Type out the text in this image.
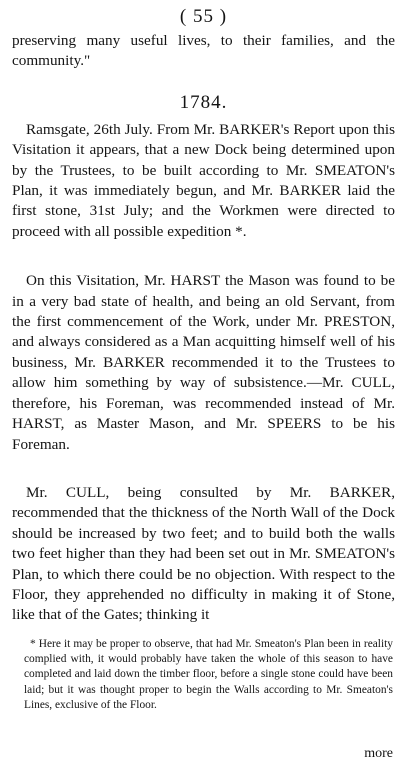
( 55 )

preserving many useful lives, to their families, and the community."

1784.

Ramsgate, 26th July. From Mr. BARKER's Report upon this Visitation it appears, that a new Dock being determined upon by the Trustees, to be built according to Mr. SMEATON's Plan, it was immediately begun, and Mr. BARKER laid the first stone, 31st July; and the Workmen were directed to proceed with all possible expedition *.

On this Visitation, Mr. HARST the Mason was found to be in a very bad state of health, and being an old Servant, from the first commencement of the Work, under Mr. PRESTON, and always considered as a Man acquitting himself well of his business, Mr. BARKER recommended it to the Trustees to allow him something by way of subsistence.—Mr. CULL, therefore, his Foreman, was recommended instead of Mr. HARST, as Master Mason, and Mr. SPEERS to be his Foreman.

Mr. CULL, being consulted by Mr. BARKER, recommended that the thickness of the North Wall of the Dock should be increased by two feet; and to build both the walls two feet higher than they had been set out in Mr. SMEATON's Plan, to which there could be no objection. With respect to the Floor, they apprehended no difficulty in making it of Stone, like that of the Gates; thinking it

* Here it may be proper to observe, that had Mr. Smeaton's Plan been in reality complied with, it would probably have taken the whole of this season to have completed and laid down the timber floor, before a single stone could have been laid; but it was thought proper to begin the Walls according to Mr. Smeaton's Lines, exclusive of the Floor.

more
